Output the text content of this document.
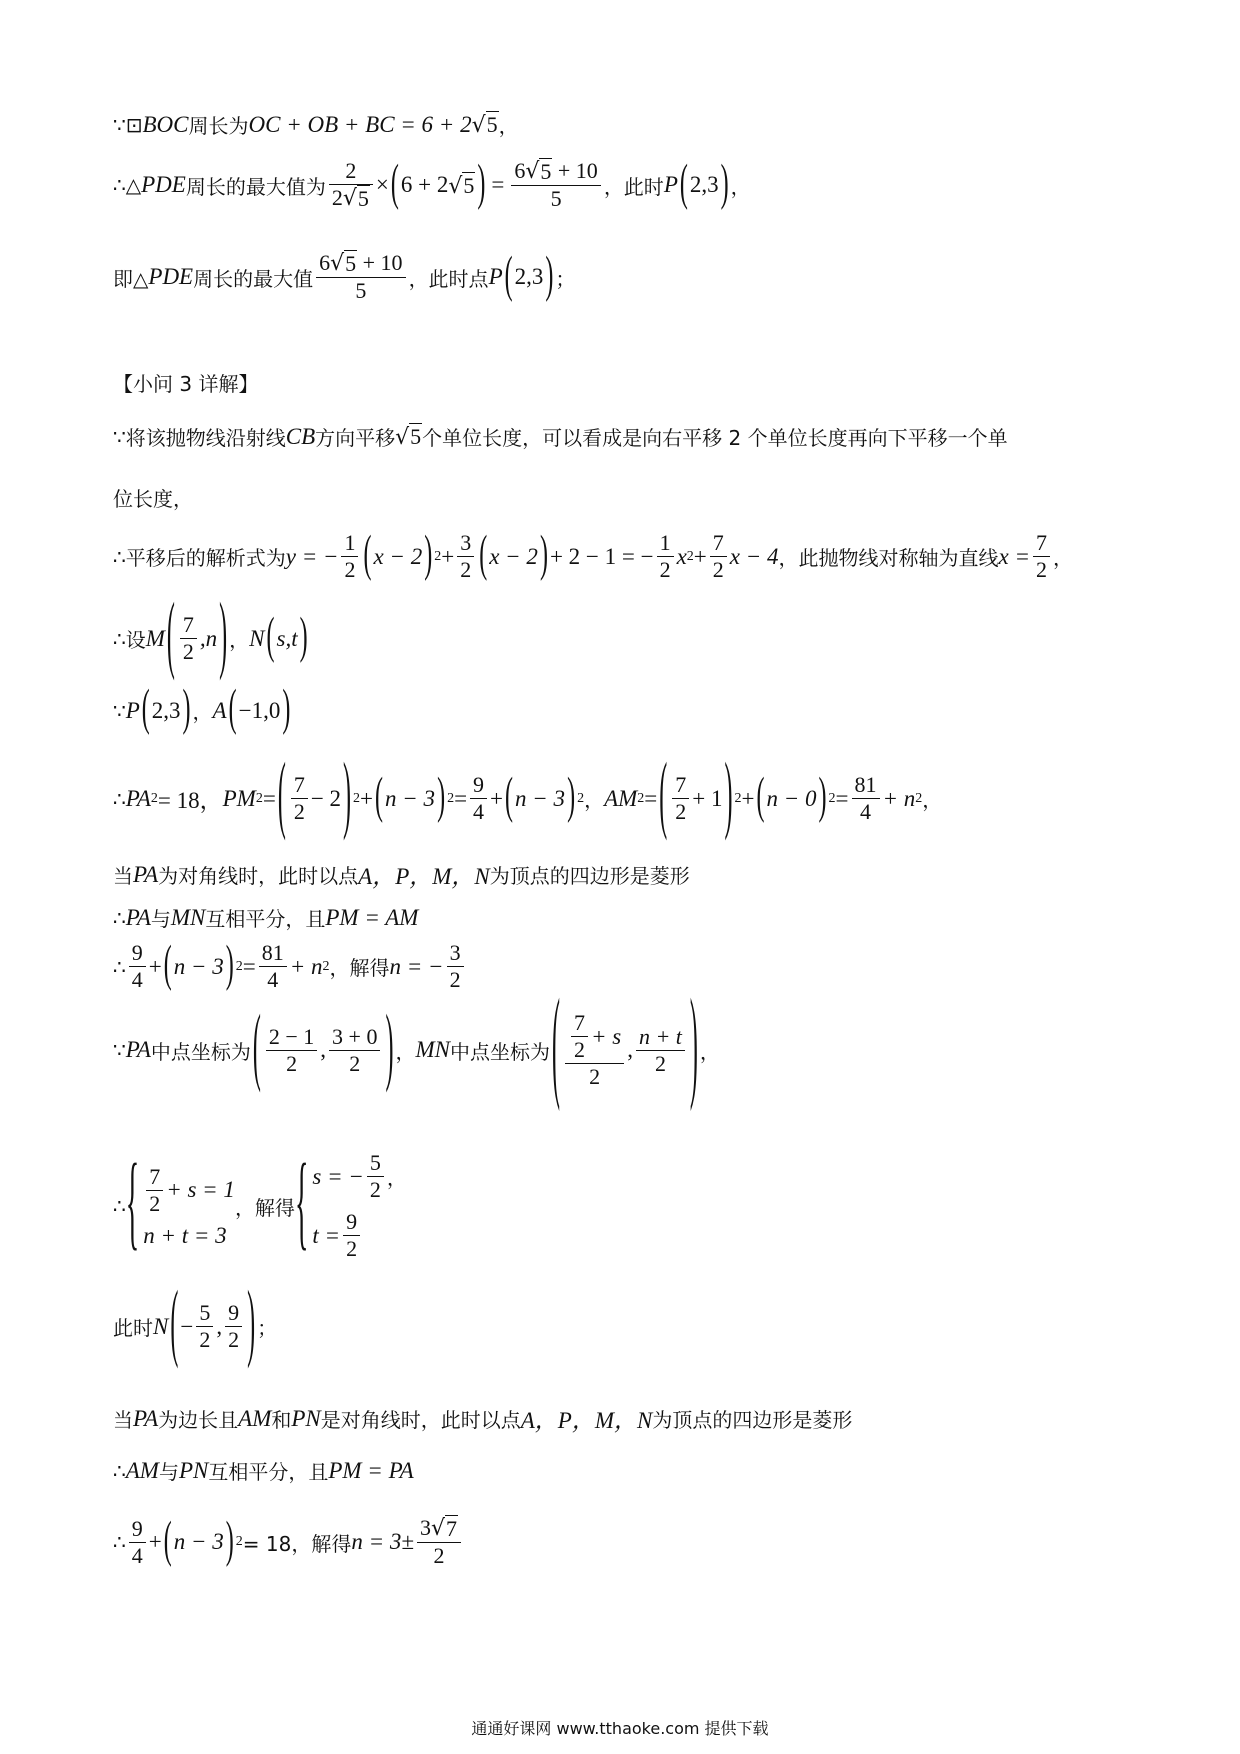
∵ ⊡ BOC 周长为 OC + OB + BC = 6 + 2 √ 5 ，
∴ △ PDE 周长的最大值为 $\frac{2}{2 √ 5}$ × ( 6 + 2 √ 5 ) = $\frac{6 √ 5 + 10}{5}$ ，此时 P ( 2,3 ) ，
即△ PDE 周长的最大值 $\frac{6 √ 5 + 10}{5}$ ，此时点 P ( 2,3 ) ；
【小问 3 详解】
∵ 将该抛物线沿射线 CB 方向平移 √ 5 个单位长度，可以看成是向右平移 2 个单位长度再向下平移一个单
位长度，
∴ 平移后的解析式为 y = − $\frac{1}{2}$ ( x − 2 ) $2 + \frac{3}{2}$ ( x − 2 ) + 2 − 1 = − $\frac{1}{2}$ x $2 + \frac{7}{2}$ x − 4 ，此抛物线对称轴为直线 $x = \frac{7}{2}$ ，
∴ 设 M ( $\frac{7}{2} ,n$ ) ， N ( s,t )
∵ P ( 2,3 ) ， A ( −1,0 )
∴ PA 2 = 18， PM 2 = ( $\frac{7}{2} - 2$ ) 2 + ( n − 3 ) $2 = \frac{9}{4}$ + ( n − 3 ) 2 ， AM 2 = ( $\frac{7}{2} + 1$ ) 2 + ( n − 0 ) $2 = \frac{81}{4} + n$ 2 ，
当 PA 为对角线时，此时以点 A，P，M，N 为顶点的四边形是菱形
∴ PA 与 MN 互相平分，且 PM = AM
∴ $\frac{9}{4}$ + ( n − 3 ) $2 = \frac{81}{4} + n$ 2 ，解得 n = − $\frac{3}{2}$
∵ PA 中点坐标为 ( $\frac{2 - 1}{2}$ , $\frac{3 + 0}{2}$ ) ， MN 中点坐标为 ( $\frac{\frac{7}{2} + s}{2}$ , $\frac{n + t}{2}$ ) ，
∴ { $\frac{7}{2} + s = 1$
n + t = 3
，解得 { s = − $\frac{5}{2}$ ，
$t = \frac{9}{2}$
此时 N ( − $\frac{5}{2}$ , $\frac{9}{2}$ ) ；
当 PA 为边长且 AM 和 PN 是对角线时，此时以点 A，P，M，N 为顶点的四边形是菱形
∴ AM 与 PN 互相平分，且 PM = PA
∴ $\frac{9}{4}$ + ( n − 3 ) 2 = 18，解得 $n = 3\pm \frac{3 √ 7}{2}$
通通好课网 www.tthaoke.com 提供下载
